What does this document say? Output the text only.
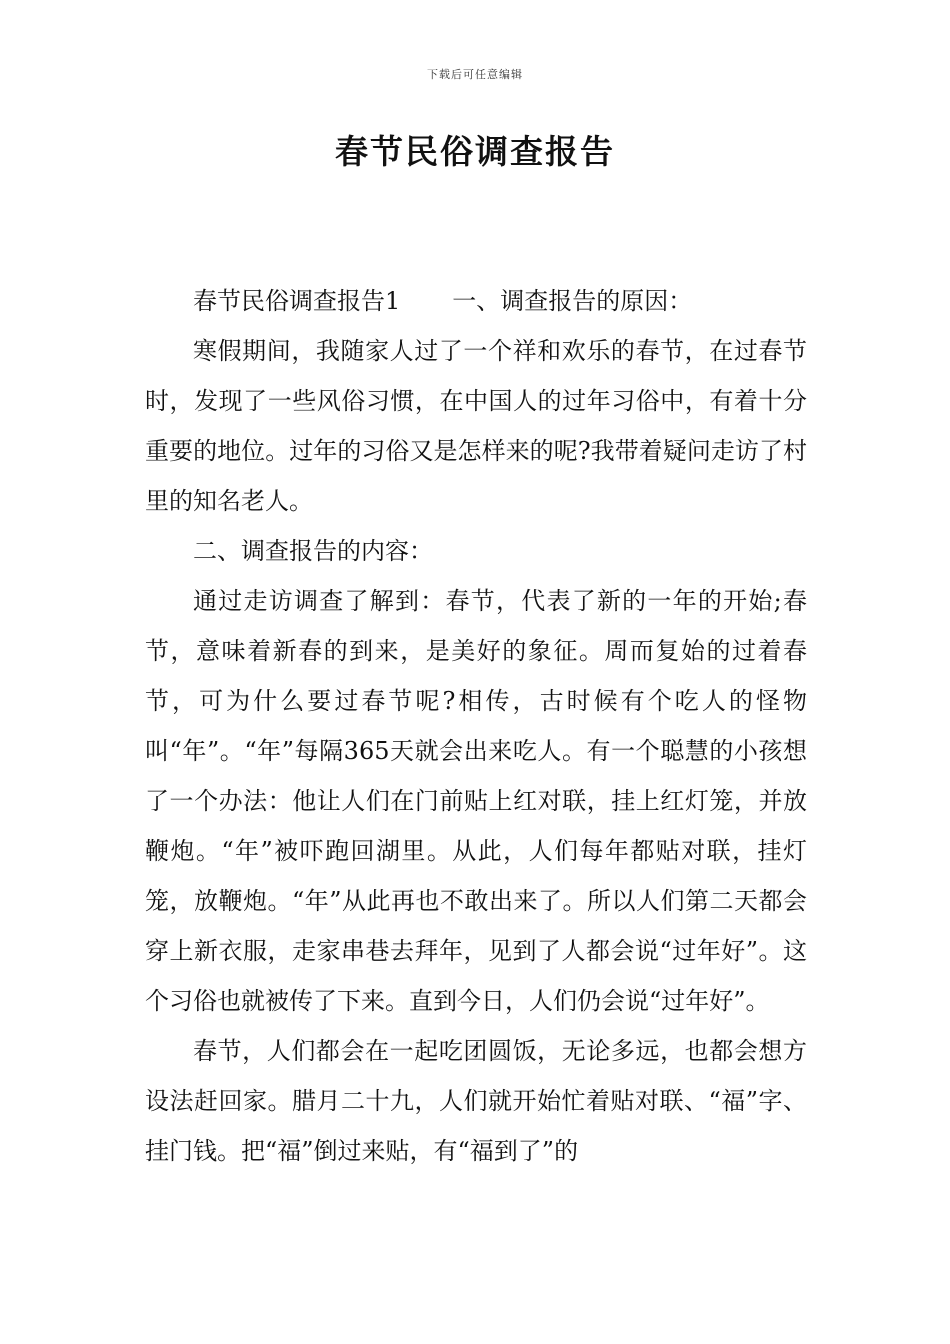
下载后可任意编辑
春节民俗调查报告

春节民俗调查报告1 一、调查报告的原因：

寒假期间，我随家人过了一个祥和欢乐的春节，在过春节时，发现了一些风俗习惯，在中国人的过年习俗中，有着十分重要的地位。过年的习俗又是怎样来的呢?我带着疑问走访了村里的知名老人。

二、调查报告的内容：

通过走访调查了解到：春节，代表了新的一年的开始;春节，意味着新春的到来，是美好的象征。周而复始的过着春节，可为什么要过春节呢?相传，古时候有个吃人的怪物叫“年”。“年”每隔365天就会出来吃人。有一个聪慧的小孩想了一个办法：他让人们在门前贴上红对联，挂上红灯笼，并放鞭炮。“年”被吓跑回湖里。从此，人们每年都贴对联，挂灯笼，放鞭炮。“年”从此再也不敢出来了。所以人们第二天都会穿上新衣服，走家串巷去拜年，见到了人都会说“过年好”。这个习俗也就被传了下来。直到今日，人们仍会说“过年好”。

春节，人们都会在一起吃团圆饭，无论多远，也都会想方设法赶回家。腊月二十九，人们就开始忙着贴对联、“福”字、挂门钱。把“福”倒过来贴，有“福到了”的
